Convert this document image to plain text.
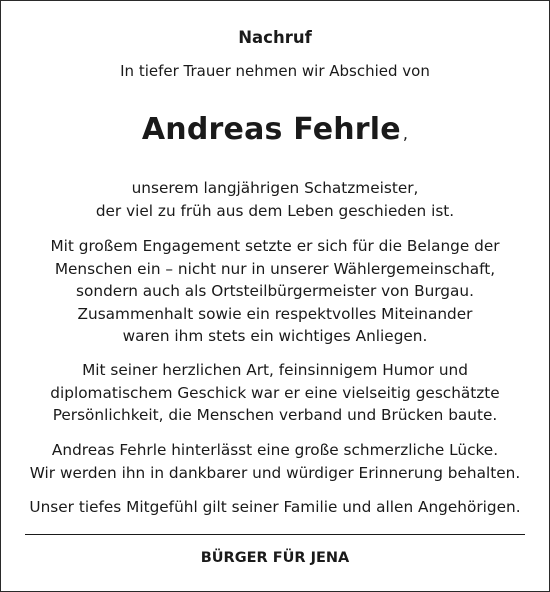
Nachruf
In tiefer Trauer nehmen wir Abschied von
Andreas Fehrle ,
unserem langjährigen Schatzmeister,
der viel zu früh aus dem Leben geschieden ist.
Mit großem Engagement setzte er sich für die Belange der
Menschen ein – nicht nur in unserer Wählergemeinschaft,
sondern auch als Ortsteilbürgermeister von Burgau.
Zusammenhalt sowie ein respektvolles Miteinander
waren ihm stets ein wichtiges Anliegen.
Mit seiner herzlichen Art, feinsinnigem Humor und
diplomatischem Geschick war er eine vielseitig geschätzte
Persönlichkeit, die Menschen verband und Brücken baute.
Andreas Fehrle hinterlässt eine große schmerzliche Lücke.
Wir werden ihn in dankbarer und würdiger Erinnerung behalten.
Unser tiefes Mitgefühl gilt seiner Familie und allen Angehörigen.
BÜRGER FÜR JENA
